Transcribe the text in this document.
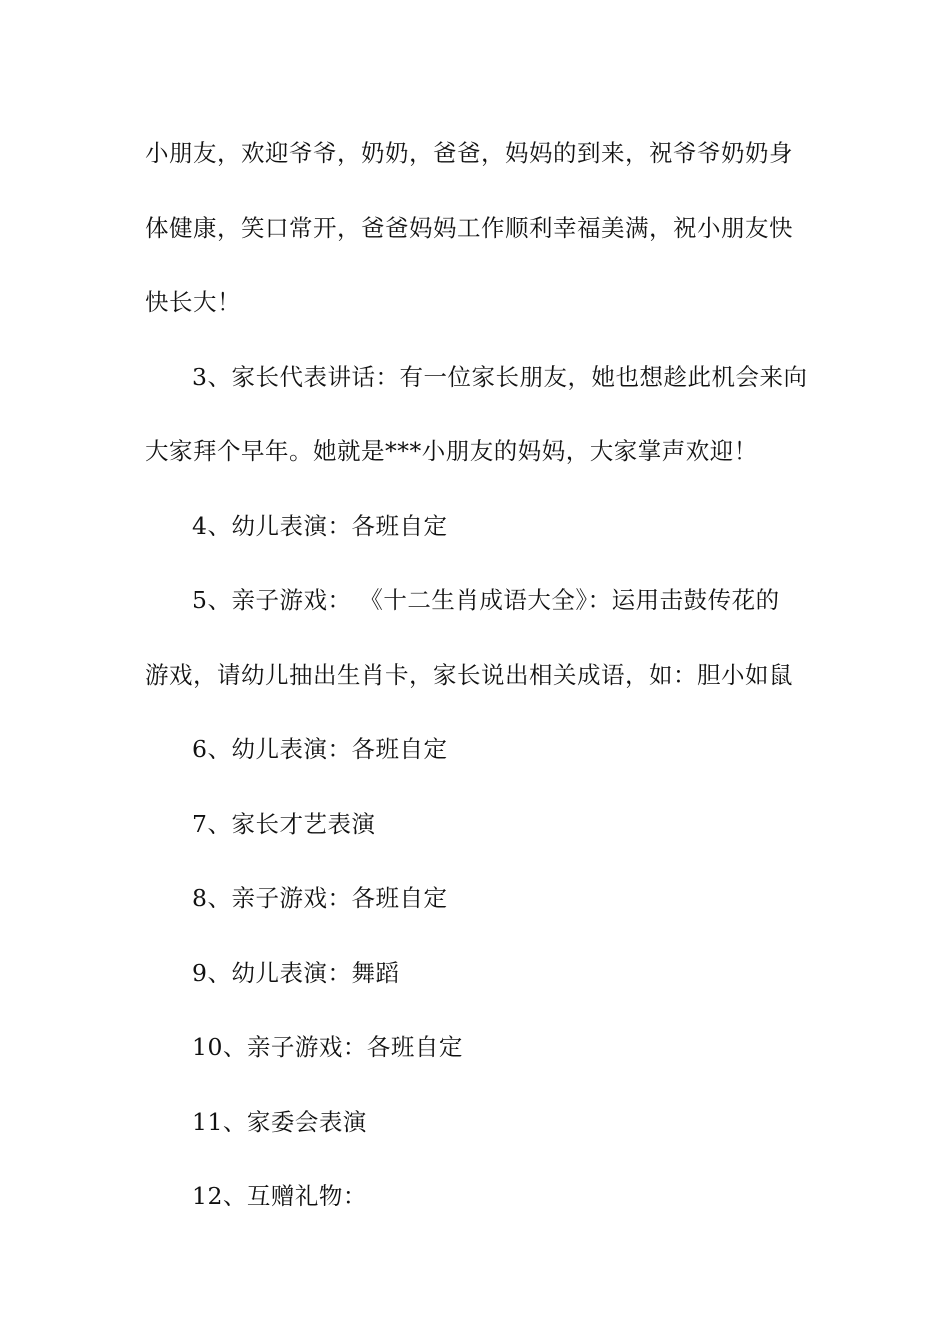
小朋友，欢迎爷爷，奶奶，爸爸，妈妈的到来，祝爷爷奶奶身
体健康，笑口常开，爸爸妈妈工作顺利幸福美满，祝小朋友快
快长大！
3、家长代表讲话：有一位家长朋友，她也想趁此机会来向
大家拜个早年。她就是***小朋友的妈妈，大家掌声欢迎！
4、幼儿表演：各班自定
5、亲子游戏： 《十二生肖成语大全》：运用击鼓传花的
游戏，请幼儿抽出生肖卡，家长说出相关成语，如：胆小如鼠
6、幼儿表演：各班自定
7、家长才艺表演
8、亲子游戏：各班自定
9、幼儿表演：舞蹈
10、亲子游戏：各班自定
11、家委会表演
12、互赠礼物：
